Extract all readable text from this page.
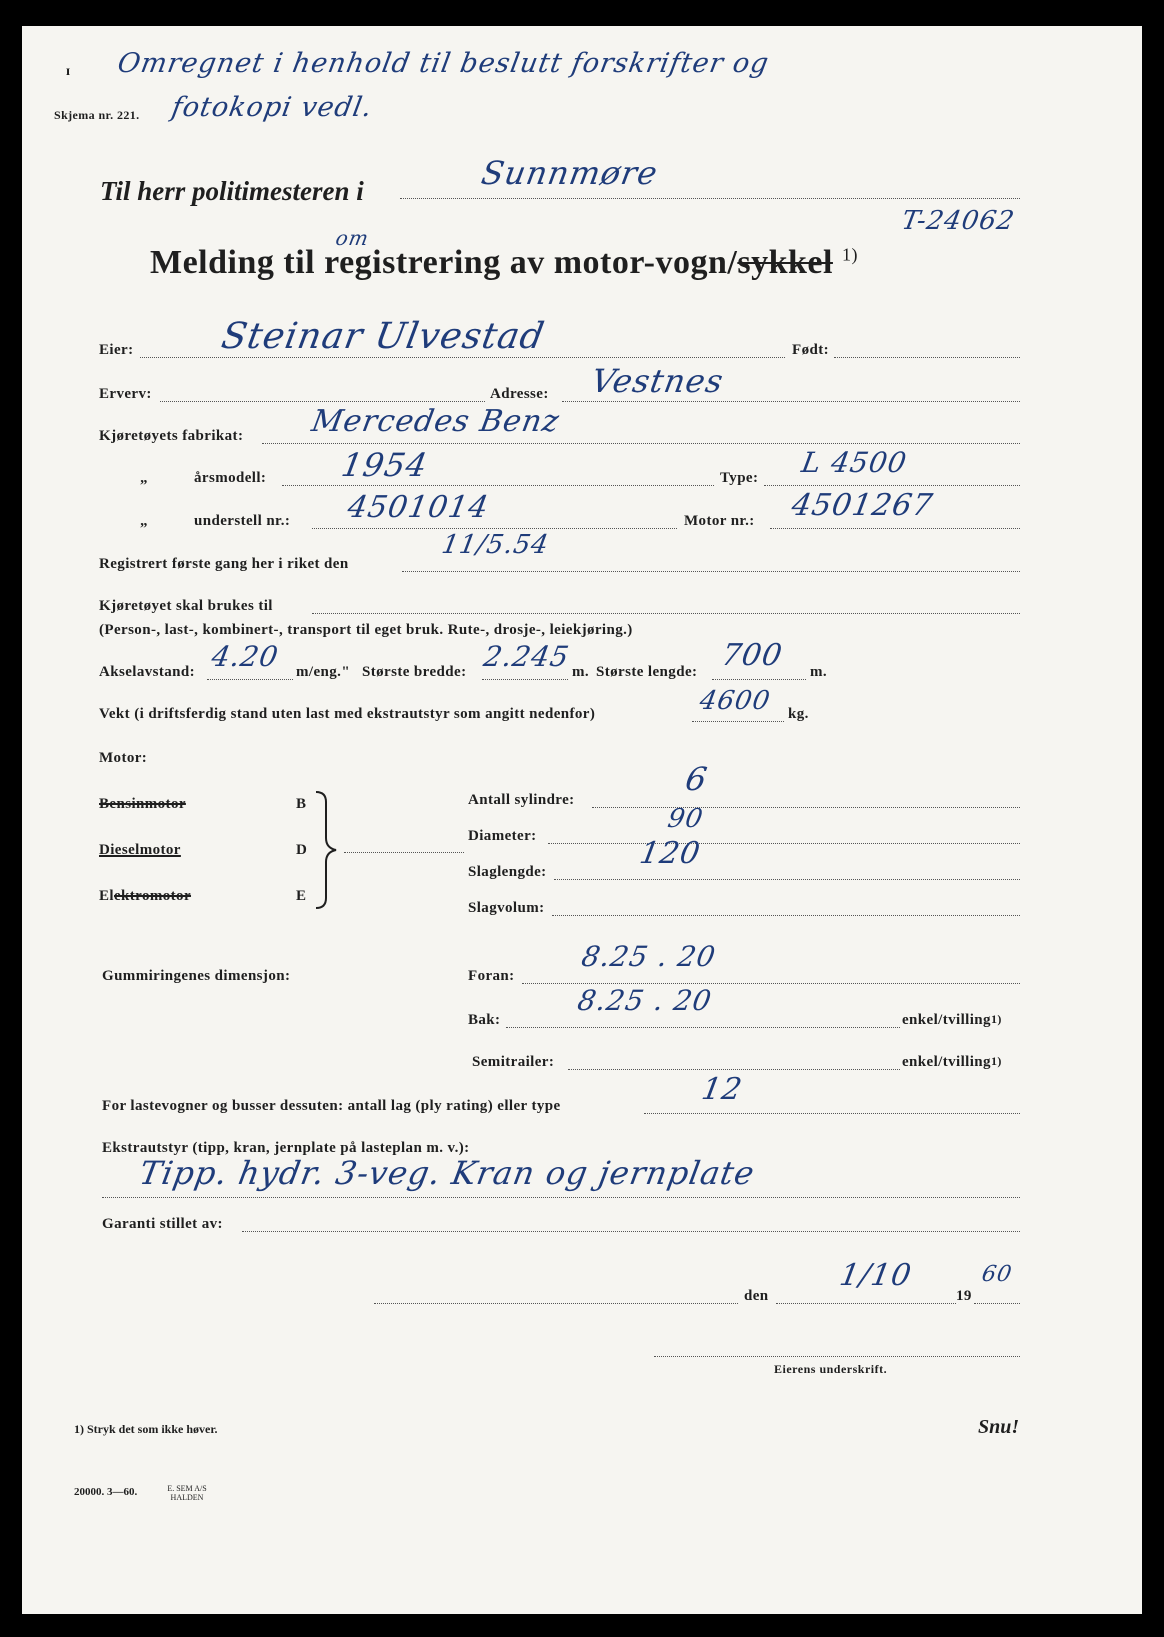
ɪ Omregnet i henhold til beslutt forskrifter og
fotokopi vedl.
Skjema nr. 221.
Til herr politimesteren i	Sunnmøre
T-24062
Melding til registrering av motor-vogn/sykkel $^{1)}$
om
Eier: Steinar Ulvestad	Født:
Erverv:	Adresse: Vestnes
Kjøretøyets fabrikat: Mercedes Benz
„	årsmodell: 1954	Type: L 4500
„	understell nr.: 4501014	Motor nr.: 4501267
Registrert første gang her i riket den
11/5.54
Kjøretøyet skal brukes til
(Person-, last-, kombinert-, transport til eget bruk. Rute-, drosje-, leiekjøring.)
Akselavstand: 4.20 m/eng." Største bredde: 2.245 m. Største lengde: 700 m.
Vekt (i driftsferdig stand uten last med ekstrautstyr som angitt nedenfor)	4600 kg.
Motor:
Bensinmotor	B
Dieselmotor	D
Elektromotor	E
Antall sylindre:
6
Diameter:
90
Slaglengde:
120
Slagvolum:
Gummiringenes dimensjon:	Foran:
8.25 . 20
Bak:
8.25 . 20
enkel/tvilling$^{1)}$
Semitrailer:	enkel/tvilling$^{1)}$
For lastevogner og busser dessuten: antall lag (ply rating) eller type	12
Ekstrautstyr (tipp, kran, jernplate på lasteplan m. v.):
Tipp. hydr. 3-veg. Kran og jernplate
Garanti stillet av:
den
1/10
19
60
Eierens underskrift.
1) Stryk det som ikke høver.	Snu!
20000. 3—60.	E. SEM A/S
HALDEN
